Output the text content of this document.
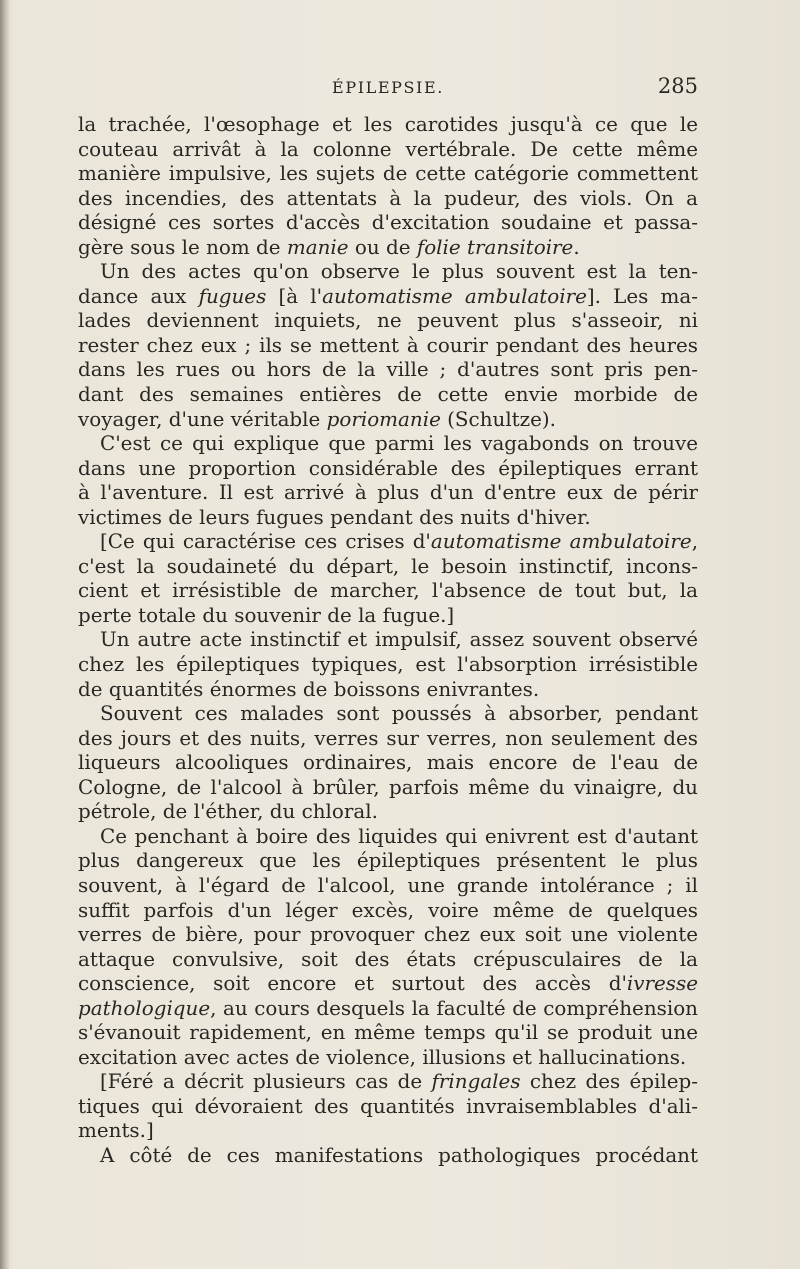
ÉPILEPSIE.	285

la trachée, l'œsophage et les carotides jusqu'à ce que le

couteau arrivât à la colonne vertébrale. De cette même

manière impulsive, les sujets de cette catégorie commettent

des incendies, des attentats à la pudeur, des viols. On a

désigné ces sortes d'accès d'excitation soudaine et passa-

gère sous le nom de manie ou de folie transitoire.

Un des actes qu'on observe le plus souvent est la ten-

dance aux fugues [à l'automatisme ambulatoire]. Les ma-

lades deviennent inquiets, ne peuvent plus s'asseoir, ni

rester chez eux ; ils se mettent à courir pendant des heures

dans les rues ou hors de la ville ; d'autres sont pris pen-

dant des semaines entières de cette envie morbide de

voyager, d'une véritable poriomanie (Schultze).

C'est ce qui explique que parmi les vagabonds on trouve

dans une proportion considérable des épileptiques errant

à l'aventure. Il est arrivé à plus d'un d'entre eux de périr

victimes de leurs fugues pendant des nuits d'hiver.

[Ce qui caractérise ces crises d'automatisme ambulatoire,

c'est la soudaineté du départ, le besoin instinctif, incons-

cient et irrésistible de marcher, l'absence de tout but, la

perte totale du souvenir de la fugue.]

Un autre acte instinctif et impulsif, assez souvent observé

chez les épileptiques typiques, est l'absorption irrésistible

de quantités énormes de boissons enivrantes.

Souvent ces malades sont poussés à absorber, pendant

des jours et des nuits, verres sur verres, non seulement des

liqueurs alcooliques ordinaires, mais encore de l'eau de

Cologne, de l'alcool à brûler, parfois même du vinaigre, du

pétrole, de l'éther, du chloral.

Ce penchant à boire des liquides qui enivrent est d'autant

plus dangereux que les épileptiques présentent le plus

souvent, à l'égard de l'alcool, une grande intolérance ; il

suffit parfois d'un léger excès, voire même de quelques

verres de bière, pour provoquer chez eux soit une violente

attaque convulsive, soit des états crépusculaires de la

conscience, soit encore et surtout des accès d'ivresse

pathologique, au cours desquels la faculté de compréhension

s'évanouit rapidement, en même temps qu'il se produit une

excitation avec actes de violence, illusions et hallucinations.

[Féré a décrit plusieurs cas de fringales chez des épilep-

tiques qui dévoraient des quantités invraisemblables d'ali-

ments.]

A côté de ces manifestations pathologiques procédant
